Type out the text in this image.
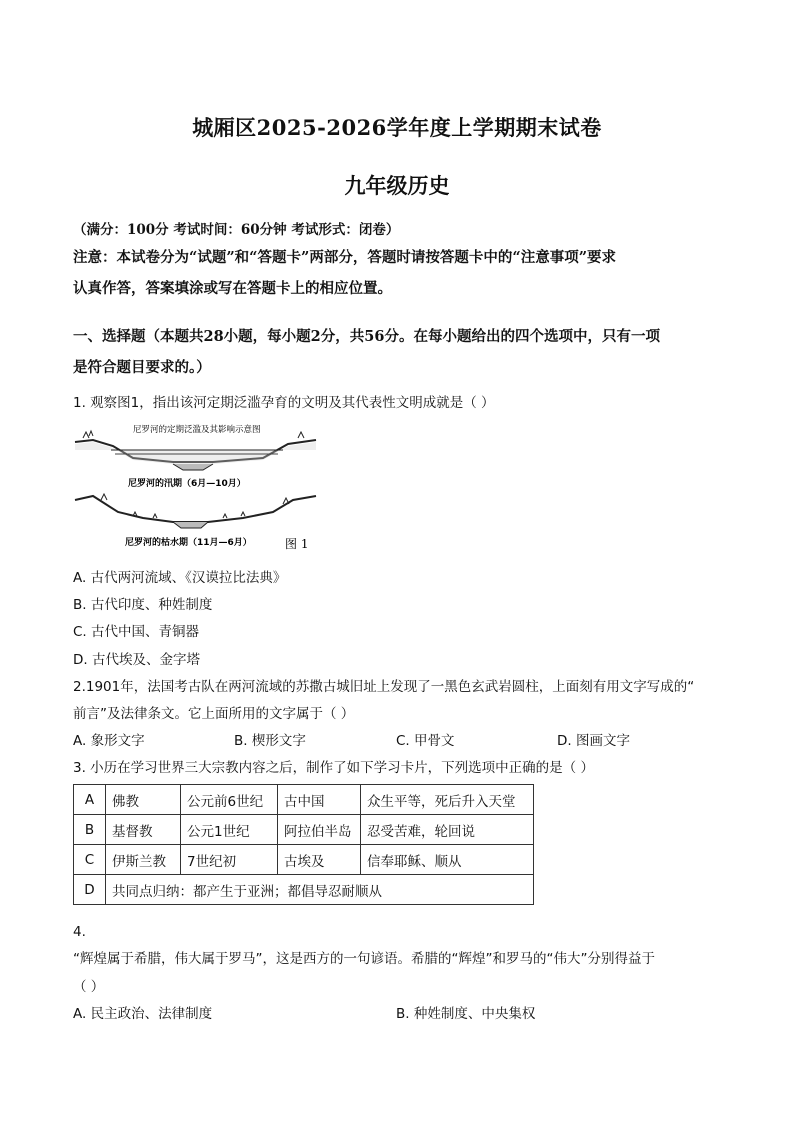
城厢区2025-2026学年度上学期期末试卷
九年级历史
（满分：100分 考试时间：60分钟 考试形式：闭卷）
注意：本试卷分为“试题”和“答题卡”两部分，答题时请按答题卡中的“注意事项”要求
认真作答，答案填涂或写在答题卡上的相应位置。
一、选择题（本题共28小题，每小题2分，共56分。在每小题给出的四个选项中，只有一项
是符合题目要求的。）
1. 观察图1，指出该河定期泛滥孕育的文明及其代表性文明成就是（ ）
尼罗河的定期泛滥及其影响示意图
尼罗河的汛期（6月—10月）
尼罗河的枯水期（11月—6月）	图 1
A. 古代两河流域、《汉谟拉比法典》
B. 古代印度、种姓制度
C. 古代中国、青铜器
D. 古代埃及、金字塔
2.1901年，法国考古队在两河流域的苏撒古城旧址上发现了一黑色玄武岩圆柱，上面刻有用文字写成的“
前言”及法律条文。它上面所用的文字属于（ ）
A. 象形文字	B. 楔形文字	C. 甲骨文	D. 图画文字
3. 小历在学习世界三大宗教内容之后，制作了如下学习卡片，下列选项中正确的是（ ）
A	佛教	公元前6世纪	古中国	众生平等，死后升入天堂
B	基督教	公元1世纪	阿拉伯半岛	忍受苦难，轮回说
C	伊斯兰教	7世纪初	古埃及	信奉耶稣、顺从
D	共同点归纳：都产生于亚洲；都倡导忍耐顺从			
4.
“辉煌属于希腊，伟大属于罗马”，这是西方的一句谚语。希腊的“辉煌”和罗马的“伟大”分别得益于
（ ）
A. 民主政治、法律制度	B. 种姓制度、中央集权
